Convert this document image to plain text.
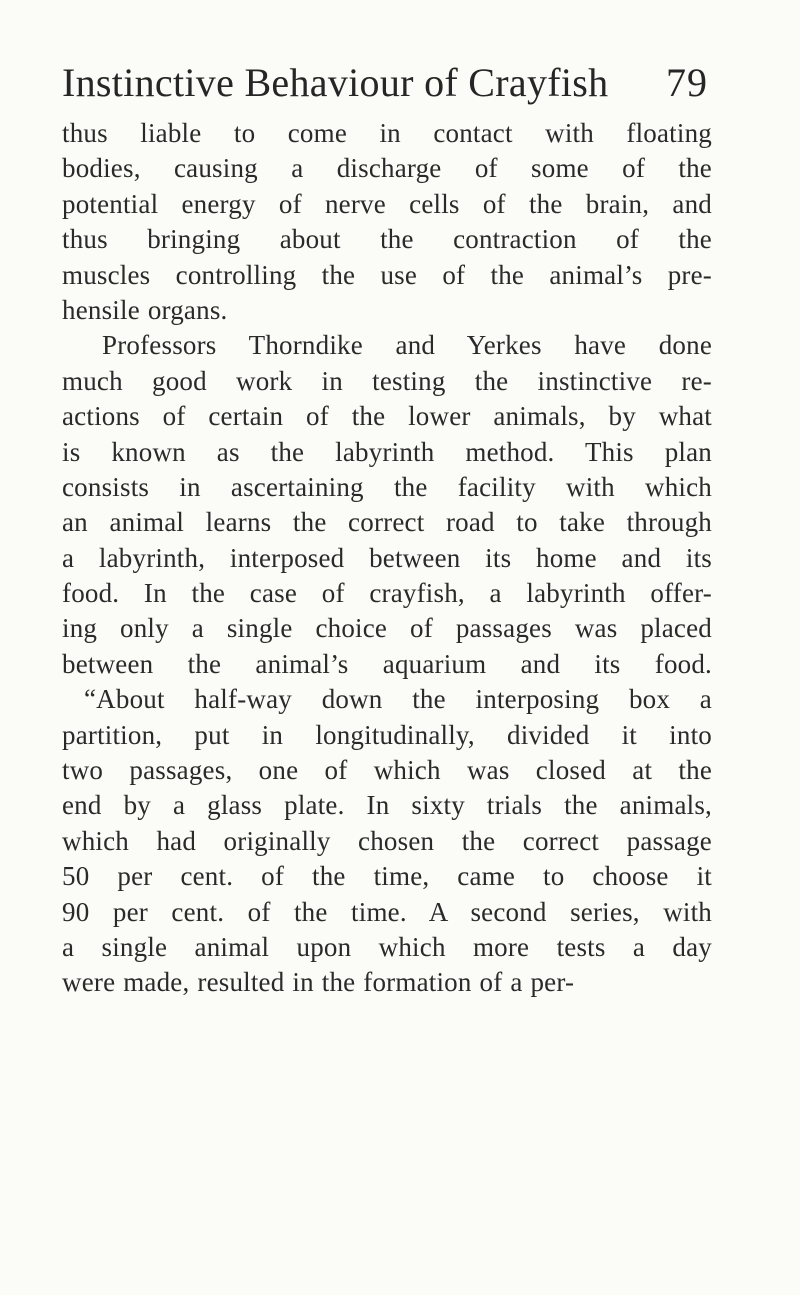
Instinctive Behaviour of Crayfish 79
thus liable to come in contact with floating
bodies, causing a discharge of some of the
potential energy of nerve cells of the brain, and
thus bringing about the contraction of the
muscles controlling the use of the animal’s pre-
hensile organs.
Professors Thorndike and Yerkes have done
much good work in testing the instinctive re-
actions of certain of the lower animals, by what
is known as the labyrinth method. This plan
consists in ascertaining the facility with which
an animal learns the correct road to take through
a labyrinth, interposed between its home and its
food. In the case of crayfish, a labyrinth offer-
ing only a single choice of passages was placed
between the animal’s aquarium and its food.
“About half-way down the interposing box a
partition, put in longitudinally, divided it into
two passages, one of which was closed at the
end by a glass plate. In sixty trials the animals,
which had originally chosen the correct passage
50 per cent. of the time, came to choose it
90 per cent. of the time. A second series, with
a single animal upon which more tests a day
were made, resulted in the formation of a per-
